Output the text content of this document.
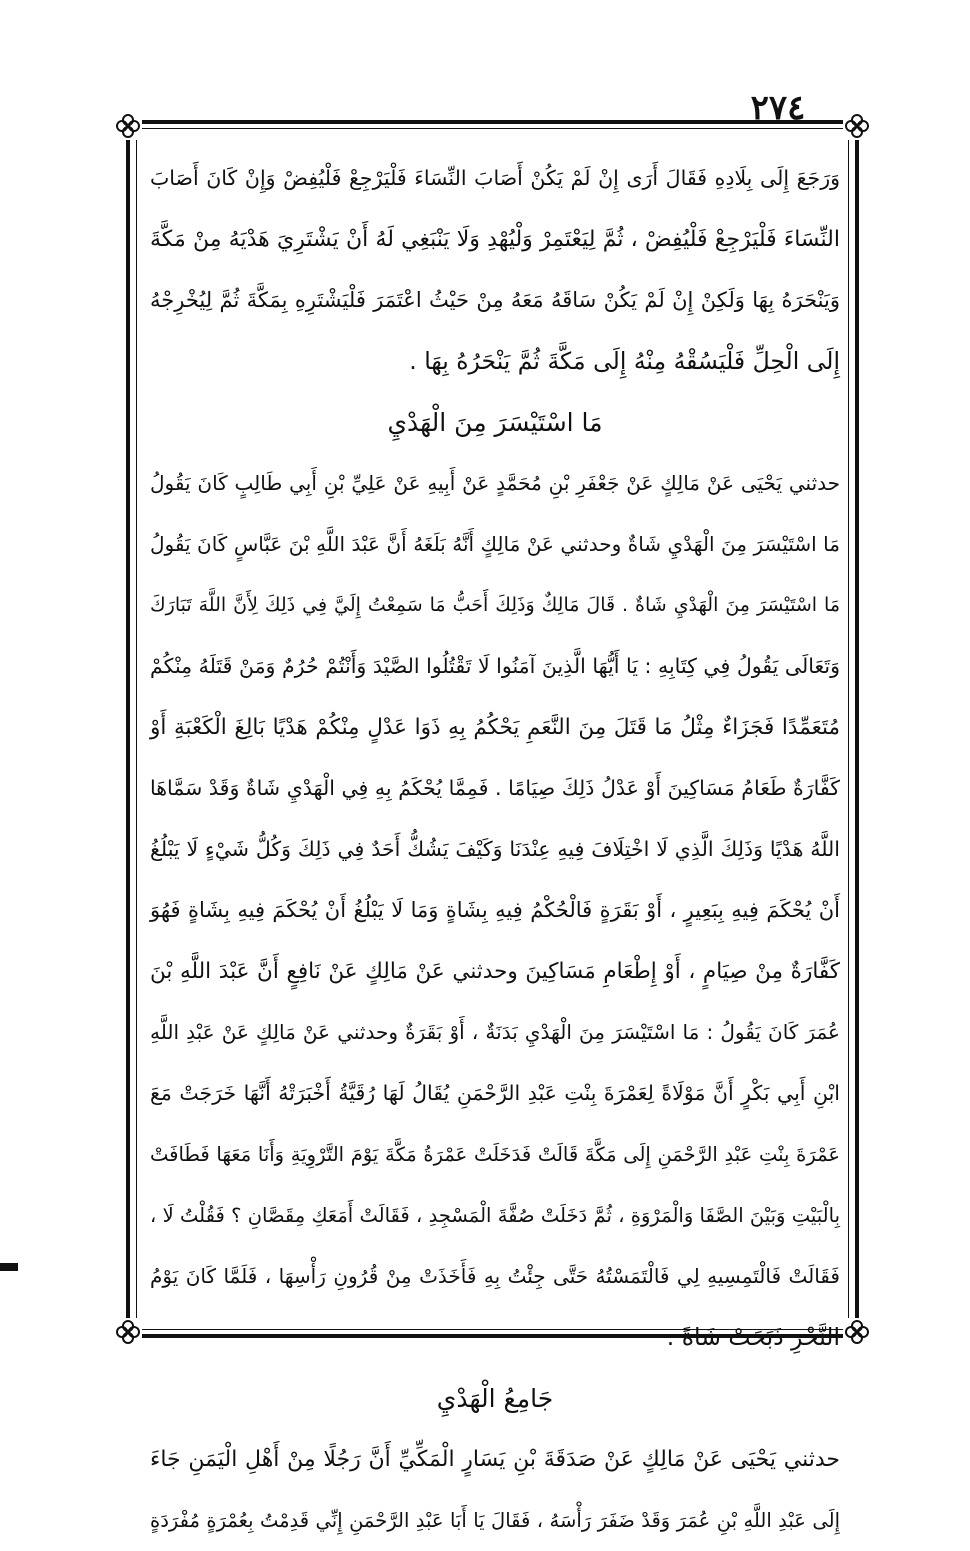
٢٧٤

وَرَجَعَ إِلَى بِلَادِهِ فَقَالَ أَرَى إِنْ لَمْ يَكُنْ أَصَابَ النِّسَاءَ فَلْيَرْجِعْ فَلْيُفِضْ وَإِنْ كَانَ أَصَابَ
النِّسَاءَ فَلْيَرْجِعْ فَلْيُفِضْ ، ثُمَّ لِيَعْتَمِرْ وَلْيُهْدِ وَلَا يَنْبَغِي لَهُ أَنْ يَشْتَرِيَ هَدْيَهُ مِنْ مَكَّةَ
وَيَنْحَرَهُ بِهَا وَلَكِنْ إِنْ لَمْ يَكُنْ سَاقَهُ مَعَهُ مِنْ حَيْثُ اعْتَمَرَ فَلْيَشْتَرِهِ بِمَكَّةَ ثُمَّ لِيُخْرِجْهُ
إِلَى الْحِلِّ فَلْيَسُقْهُ مِنْهُ إِلَى مَكَّةَ ثُمَّ يَنْحَرُهُ بِهَا .

مَا اسْتَيْسَرَ مِنَ الْهَدْيِ

حدثني يَحْيَى عَنْ مَالِكٍ عَنْ جَعْفَرِ بْنِ مُحَمَّدٍ عَنْ أَبِيهِ عَنْ عَلِيِّ بْنِ أَبِي طَالِبٍ كَانَ يَقُولُ
مَا اسْتَيْسَرَ مِنَ الْهَدْيِ شَاةٌ وحدثني عَنْ مَالِكٍ أَنَّهُ بَلَغَهُ أَنَّ عَبْدَ اللَّهِ بْنَ عَبَّاسٍ كَانَ يَقُولُ
مَا اسْتَيْسَرَ مِنَ الْهَدْيِ شَاةٌ . قَالَ مَالِكٌ وَذَلِكَ أَحَبُّ مَا سَمِعْتُ إِلَيَّ فِي ذَلِكَ لِأَنَّ اللَّهَ تَبَارَكَ
وَتَعَالَى يَقُولُ فِي كِتَابِهِ : يَا أَيُّهَا الَّذِينَ آمَنُوا لَا تَقْتُلُوا الصَّيْدَ وَأَنْتُمْ حُرُمٌ وَمَنْ قَتَلَهُ مِنْكُمْ
مُتَعَمِّدًا فَجَزَاءٌ مِثْلُ مَا قَتَلَ مِنَ النَّعَمِ يَحْكُمُ بِهِ ذَوَا عَدْلٍ مِنْكُمْ هَدْيًا بَالِغَ الْكَعْبَةِ أَوْ
كَفَّارَةٌ طَعَامُ مَسَاكِينَ أَوْ عَدْلُ ذَلِكَ صِيَامًا . فَمِمَّا يُحْكَمُ بِهِ فِي الْهَدْيِ شَاةٌ وَقَدْ سَمَّاهَا
اللَّهُ هَدْيًا وَذَلِكَ الَّذِي لَا اخْتِلَافَ فِيهِ عِنْدَنَا وَكَيْفَ يَشُكُّ أَحَدٌ فِي ذَلِكَ وَكُلُّ شَيْءٍ لَا يَبْلُغُ
أَنْ يُحْكَمَ فِيهِ بِبَعِيرٍ ، أَوْ بَقَرَةٍ فَالْحُكْمُ فِيهِ بِشَاةٍ وَمَا لَا يَبْلُغُ أَنْ يُحْكَمَ فِيهِ بِشَاةٍ فَهُوَ
كَفَّارَةٌ مِنْ صِيَامٍ ، أَوْ إِطْعَامِ مَسَاكِينَ وحدثني عَنْ مَالِكٍ عَنْ نَافِعٍ أَنَّ عَبْدَ اللَّهِ بْنَ
عُمَرَ كَانَ يَقُولُ : مَا اسْتَيْسَرَ مِنَ الْهَدْيِ بَدَنَةٌ ، أَوْ بَقَرَةٌ وحدثني عَنْ مَالِكٍ عَنْ عَبْدِ اللَّهِ
ابْنِ أَبِي بَكْرٍ أَنَّ مَوْلَاةً لِعَمْرَةَ بِنْتِ عَبْدِ الرَّحْمَنِ يُقَالُ لَهَا رُقَيَّةُ أَخْبَرَتْهُ أَنَّهَا خَرَجَتْ مَعَ
عَمْرَةَ بِنْتِ عَبْدِ الرَّحْمَنِ إِلَى مَكَّةَ قَالَتْ فَدَخَلَتْ عَمْرَةُ مَكَّةَ يَوْمَ التَّرْوِيَةِ وَأَنَا مَعَهَا فَطَافَتْ
بِالْبَيْتِ وَبَيْنَ الصَّفَا وَالْمَرْوَةِ ، ثُمَّ دَخَلَتْ صُفَّةَ الْمَسْجِدِ ، فَقَالَتْ أَمَعَكِ مِقَصَّانِ ؟ فَقُلْتُ لَا ،
فَقَالَتْ فَالْتَمِسِيهِ لِي فَالْتَمَسْتُهُ حَتَّى جِئْتُ بِهِ فَأَخَذَتْ مِنْ قُرُونِ رَأْسِهَا ، فَلَمَّا كَانَ يَوْمُ
النَّحْرِ ذَبَحَتْ شَاةً .

جَامِعُ الْهَدْيِ

حدثني يَحْيَى عَنْ مَالِكٍ عَنْ صَدَقَةَ بْنِ يَسَارٍ الْمَكِّيِّ أَنَّ رَجُلًا مِنْ أَهْلِ الْيَمَنِ جَاءَ
إِلَى عَبْدِ اللَّهِ بْنِ عُمَرَ وَقَدْ ضَفَرَ رَأْسَهُ ، فَقَالَ يَا أَبَا عَبْدِ الرَّحْمَنِ إِنِّي قَدِمْتُ بِعُمْرَةٍ مُفْرَدَةٍ
